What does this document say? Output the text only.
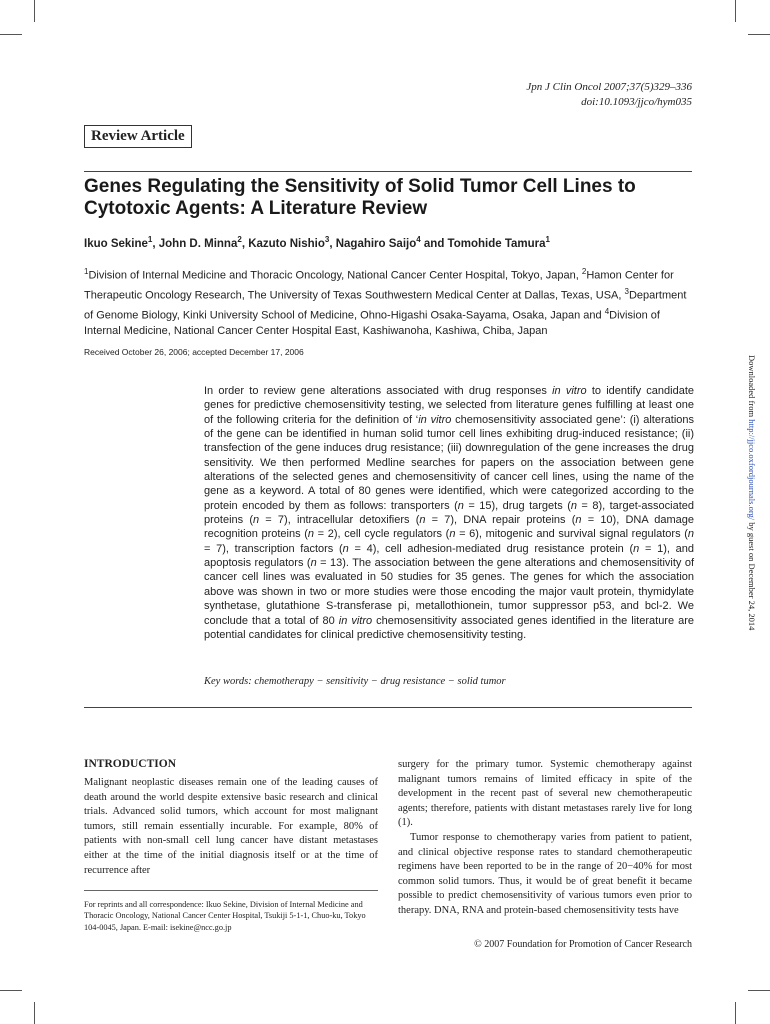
Jpn J Clin Oncol 2007;37(5)329–336
doi:10.1093/jjco/hym035
Review Article
Genes Regulating the Sensitivity of Solid Tumor Cell Lines to Cytotoxic Agents: A Literature Review
Ikuo Sekine$^1$, John D. Minna$^2$, Kazuto Nishio$^3$, Nagahiro Saijo$^4$ and Tomohide Tamura$^1$
$^1$Division of Internal Medicine and Thoracic Oncology, National Cancer Center Hospital, Tokyo, Japan, $^2$Hamon Center for Therapeutic Oncology Research, The University of Texas Southwestern Medical Center at Dallas, Texas, USA, $^3$Department of Genome Biology, Kinki University School of Medicine, Ohno-Higashi Osaka-Sayama, Osaka, Japan and $^4$Division of Internal Medicine, National Cancer Center Hospital East, Kashiwanoha, Kashiwa, Chiba, Japan
Received October 26, 2006; accepted December 17, 2006
In order to review gene alterations associated with drug responses in vitro to identify candidate genes for predictive chemosensitivity testing, we selected from literature genes fulfilling at least one of the following criteria for the definition of ‘in vitro chemosensitivity associated gene’: (i) alterations of the gene can be identified in human solid tumor cell lines exhibiting drug-induced resistance; (ii) transfection of the gene induces drug resistance; (iii) downregulation of the gene increases the drug sensitivity. We then performed Medline searches for papers on the association between gene alterations of the selected genes and chemosensitivity of cancer cell lines, using the name of the gene as a keyword. A total of 80 genes were identified, which were categorized according to the protein encoded by them as follows: transporters (n = 15), drug targets (n = 8), target-associated proteins (n = 7), intracellular detoxifiers (n = 7), DNA repair proteins (n = 10), DNA damage recognition proteins (n = 2), cell cycle regulators (n = 6), mitogenic and survival signal regulators (n = 7), transcription factors (n = 4), cell adhesion-mediated drug resistance protein (n = 1), and apoptosis regulators (n = 13). The association between the gene alterations and chemosensitivity of cancer cell lines was evaluated in 50 studies for 35 genes. The genes for which the association above was shown in two or more studies were those encoding the major vault protein, thymidylate synthetase, glutathione S-transferase pi, metallothionein, tumor suppressor p53, and bcl-2. We conclude that a total of 80 in vitro chemosensitivity associated genes identified in the literature are potential candidates for clinical predictive chemosensitivity testing.
Key words: chemotherapy − sensitivity − drug resistance − solid tumor
Downloaded from http://jjco.oxfordjournals.org/ by guest on December 24, 2014
INTRODUCTION
Malignant neoplastic diseases remain one of the leading causes of death around the world despite extensive basic research and clinical trials. Advanced solid tumors, which account for most malignant tumors, still remain essentially incurable. For example, 80% of patients with non-small cell lung cancer have distant metastases either at the time of the initial diagnosis itself or at the time of recurrence after
surgery for the primary tumor. Systemic chemotherapy against malignant tumors remains of limited efficacy in spite of the development in the recent past of several new chemotherapeutic agents; therefore, patients with distant metastases rarely live for long (1).
Tumor response to chemotherapy varies from patient to patient, and clinical objective response rates to standard chemotherapeutic regimens have been reported to be in the range of 20−40% for most common solid tumors. Thus, it would be of great benefit it became possible to predict chemosensitivity of various tumors even prior to therapy. DNA, RNA and protein-based chemosensitivity tests have
For reprints and all correspondence: Ikuo Sekine, Division of Internal Medicine and Thoracic Oncology, National Cancer Center Hospital, Tsukiji 5-1-1, Chuo-ku, Tokyo 104-0045, Japan. E-mail: isekine@ncc.go.jp
© 2007 Foundation for Promotion of Cancer Research
